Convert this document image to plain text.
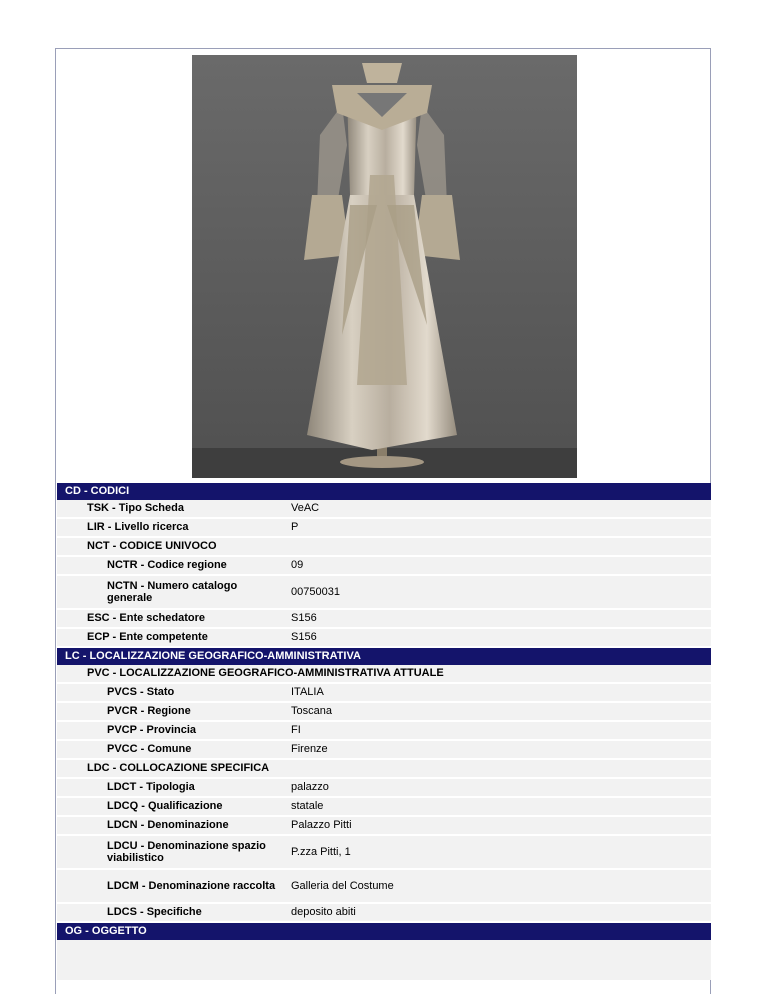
CD - CODICI
TSK - Tipo Scheda	VeAC
LIR - Livello ricerca	P
NCT - CODICE UNIVOCO
NCTR - Codice regione	09
NCTN - Numero catalogo generale	00750031
ESC - Ente schedatore	S156
ECP - Ente competente	S156
LC - LOCALIZZAZIONE GEOGRAFICO-AMMINISTRATIVA
PVC - LOCALIZZAZIONE GEOGRAFICO-AMMINISTRATIVA ATTUALE
PVCS - Stato	ITALIA
PVCR - Regione	Toscana
PVCP - Provincia	FI
PVCC - Comune	Firenze
LDC - COLLOCAZIONE SPECIFICA
LDCT - Tipologia	palazzo
LDCQ - Qualificazione	statale
LDCN - Denominazione	Palazzo Pitti
LDCU - Denominazione spazio viabilistico	P.zza Pitti, 1
LDCM - Denominazione raccolta	Galleria del Costume
LDCS - Specifiche	deposito abiti
OG - OGGETTO
